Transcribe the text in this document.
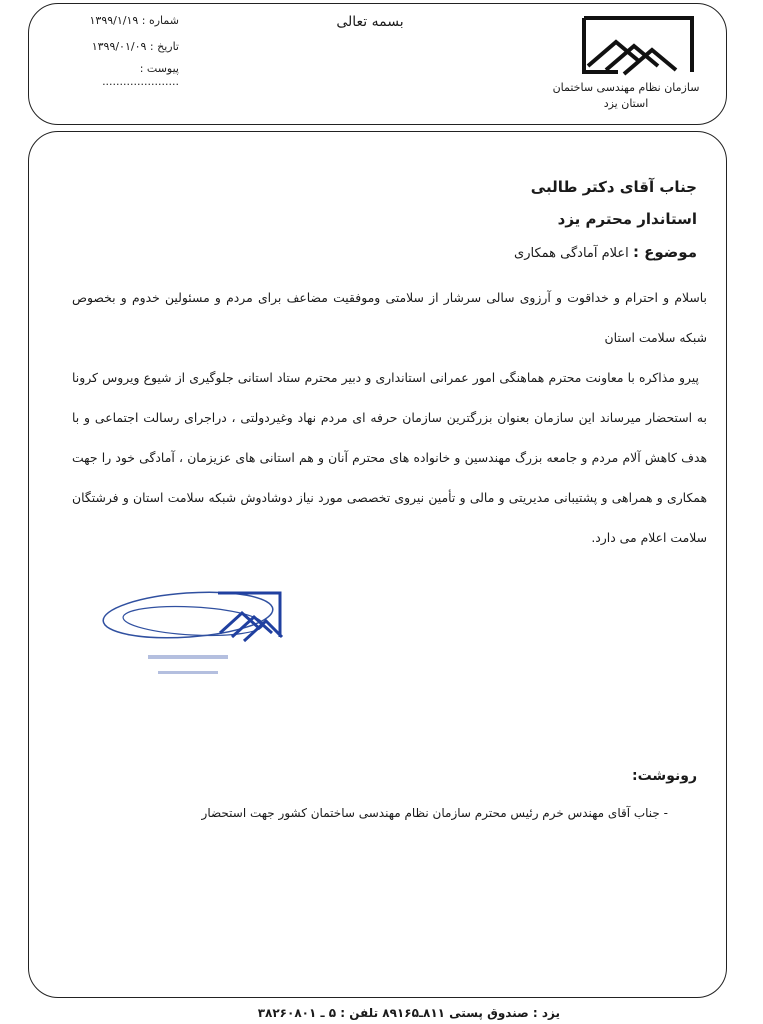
بسمه تعالی
سازمان نظام مهندسی ساختمان
استان یزد
شماره : ۱۳۹۹/۱/۱۹
تاریخ : ۱۳۹۹/۰۱/۰۹
پیوست : ......................
جناب آقای دکتر طالبی
استاندار محترم یزد
موضوع : اعلام آمادگی همکاری
باسلام و احترام و خداقوت و آرزوی سالی سرشار از سلامتی وموفقیت مضاعف برای مردم و مسئولین خدوم و بخصوص شبکه سلامت استان
پیرو مذاکره با معاونت محترم هماهنگی امور عمرانی استانداری و دبیر محترم ستاد استانی جلوگیری از شیوع ویروس کرونا به استحضار میرساند این سازمان بعنوان بزرگترین سازمان حرفه ای مردم نهاد وغیردولتی ، دراجرای رسالت اجتماعی و با هدف کاهش آلام مردم و جامعه بزرگ مهندسین و خانواده های محترم آنان و هم استانی های عزیزمان ، آمادگی خود را جهت همکاری و همراهی و پشتیبانی مدیریتی و مالی و تأمین نیروی تخصصی مورد نیاز دوشادوش شبکه سلامت استان و فرشتگان سلامت اعلام می دارد.
رونوشت:
- جناب آقای مهندس خرم رئیس محترم سازمان نظام مهندسی ساختمان کشور جهت استحضار
یزد : صندوق پستی ۸۱۱ـ۸۹۱۶۵ تلفن : ۵ ـ ۳۸۲۶۰۸۰۱
